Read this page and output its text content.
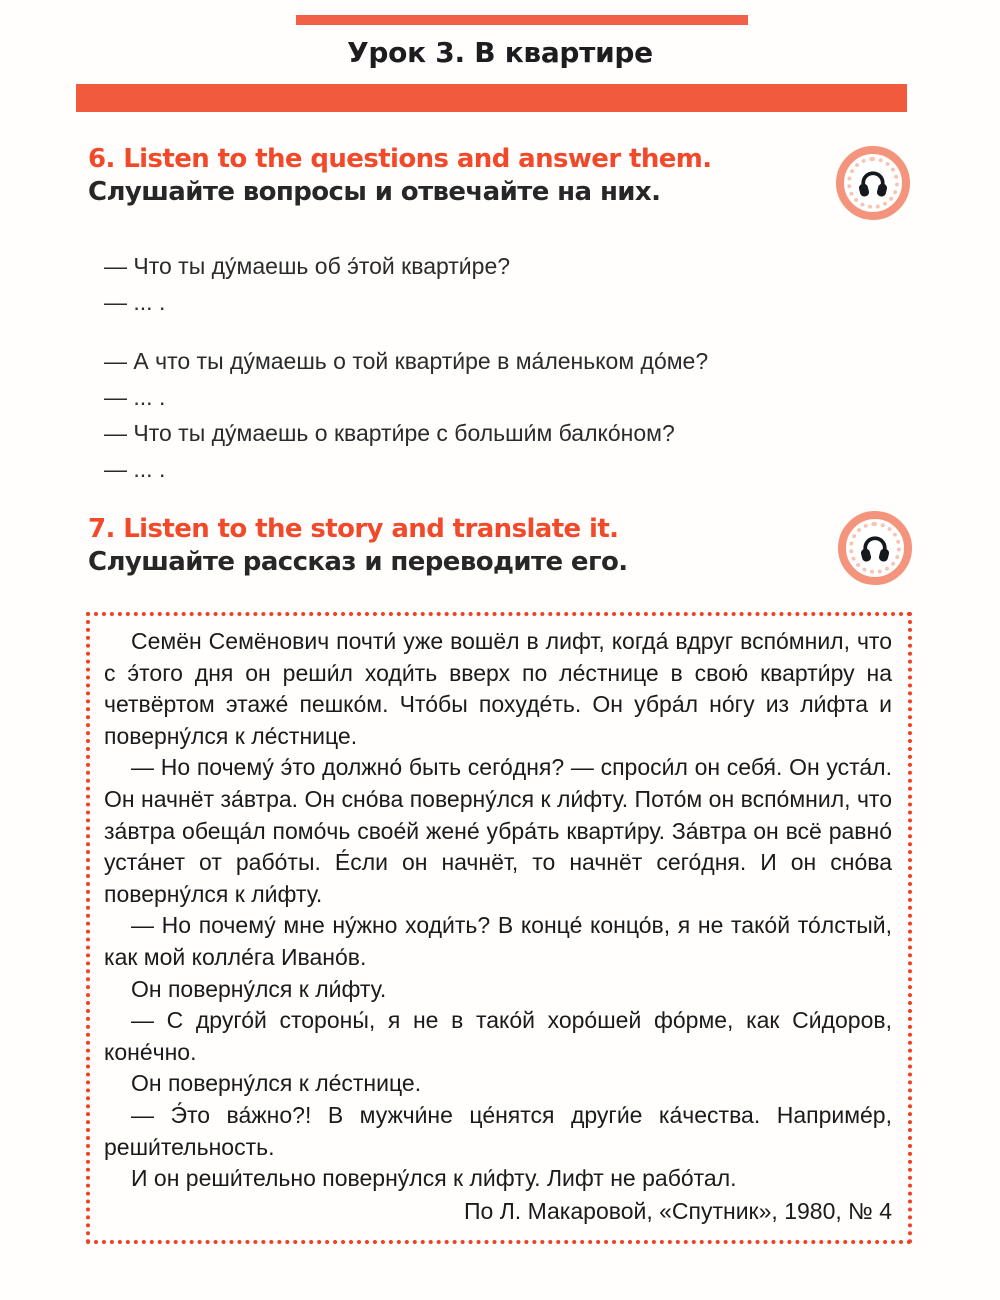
Урок 3. В квартире
6. Listen to the questions and answer them.
Слушайте вопросы и отвечайте на них.
— Что ты ду́маешь об э́той кварти́ре?
— ... .
— А что ты ду́маешь о той кварти́ре в ма́леньком до́ме?
— ... .
— Что ты ду́маешь о кварти́ре с больши́м балко́ном?
— ... .
7. Listen to the story and translate it.
Слушайте рассказ и переводите его.

Семён Семёнович почти́ уже вошёл в лифт, когда́ вдруг вспо́мнил, что с э́того дня он реши́л ходи́ть вверх по ле́стнице в свою́ кварти́ру на четвёртом этаже́ пешко́м. Что́бы похуде́ть. Он убра́л но́гу из ли́фта и поверну́лся к ле́стнице.

— Но почему́ э́то должно́ быть сего́дня? — спроси́л он себя́. Он уста́л. Он начнёт за́втра. Он сно́ва поверну́лся к ли́фту. Пото́м он вспо́мнил, что за́втра обеща́л помо́чь свое́й жене́ убра́ть кварти́ру. За́втра он всё равно́ уста́нет от рабо́ты. Е́сли он начнёт, то начнёт сего́дня. И он сно́ва поверну́лся к ли́фту.

— Но почему́ мне ну́жно ходи́ть? В конце́ концо́в, я не тако́й то́лстый, как мой колле́га Ивано́в.

Он поверну́лся к ли́фту.

— С друго́й стороны́, я не в тако́й хоро́шей фо́рме, как Си́доров, коне́чно.

Он поверну́лся к ле́стнице.

— Э́то ва́жно?! В мужчи́не це́нятся други́е ка́чества. Наприме́р, реши́тельность.

И он реши́тельно поверну́лся к ли́фту. Лифт не рабо́тал.

По Л. Макаровой, «Спутник», 1980, № 4
